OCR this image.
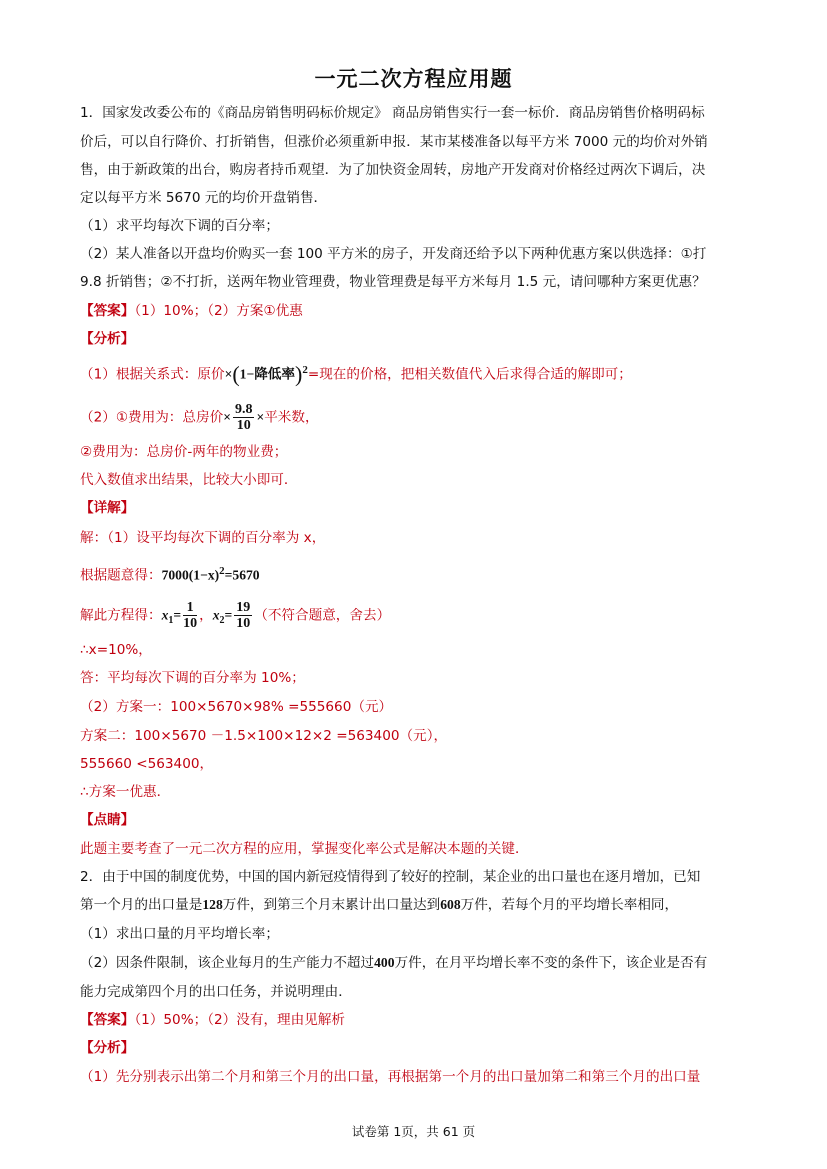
一元二次方程应用题
1．国家发改委公布的《商品房销售明码标价规定》 商品房销售实行一套一标价．商品房销售价格明码标
价后，可以自行降价、打折销售，但涨价必须重新申报．某市某楼准备以每平方米 7000 元的均价对外销
售，由于新政策的出台，购房者持币观望．为了加快资金周转，房地产开发商对价格经过两次下调后，决
定以每平方米 5670 元的均价开盘销售．
（1）求平均每次下调的百分率；
（2）某人准备以开盘均价购买一套 100 平方米的房子，开发商还给予以下两种优惠方案以供选择：①打
9.8 折销售；②不打折，送两年物业管理费，物业管理费是每平方米每月 1.5 元，请问哪种方案更优惠？
【答案】（1）10%；（2）方案①优惠
【分析】
（1）根据关系式：原价×(1−降低率)$^2$=现在的价格，把相关数值代入后求得合适的解即可；
（2）①费用为：总房价× $\frac{9.8}{10}$ ×平米数，
②费用为：总房价-两年的物业费；
代入数值求出结果，比较大小即可．
【详解】
解：（1）设平均每次下调的百分率为 x，
根据题意得：$7000(1-x)^2=5670$
解此方程得：$x_1= \frac{1}{10}$ ，$x_2= \frac{19}{10}$ （不符合题意，舍去）
∴x=10%，
答：平均每次下调的百分率为 10%；
（2）方案一：100×5670×98% =555660（元）
方案二：100×5670 －1.5×100×12×2 =563400（元），
555660 <563400，
∴方案一优惠．
【点睛】
此题主要考查了一元二次方程的应用，掌握变化率公式是解决本题的关键．
2．由于中国的制度优势，中国的国内新冠疫情得到了较好的控制，某企业的出口量也在逐月增加，已知
第一个月的出口量是128万件，到第三个月末累计出口量达到608万件，若每个月的平均增长率相同，
（1）求出口量的月平均增长率；
（2）因条件限制，该企业每月的生产能力不超过400万件，在月平均增长率不变的条件下，该企业是否有
能力完成第四个月的出口任务，并说明理由．
【答案】（1）50%；（2）没有，理由见解析
【分析】
（1）先分别表示出第二个月和第三个月的出口量，再根据第一个月的出口量加第二和第三个月的出口量
试卷第 1页，共 61 页
